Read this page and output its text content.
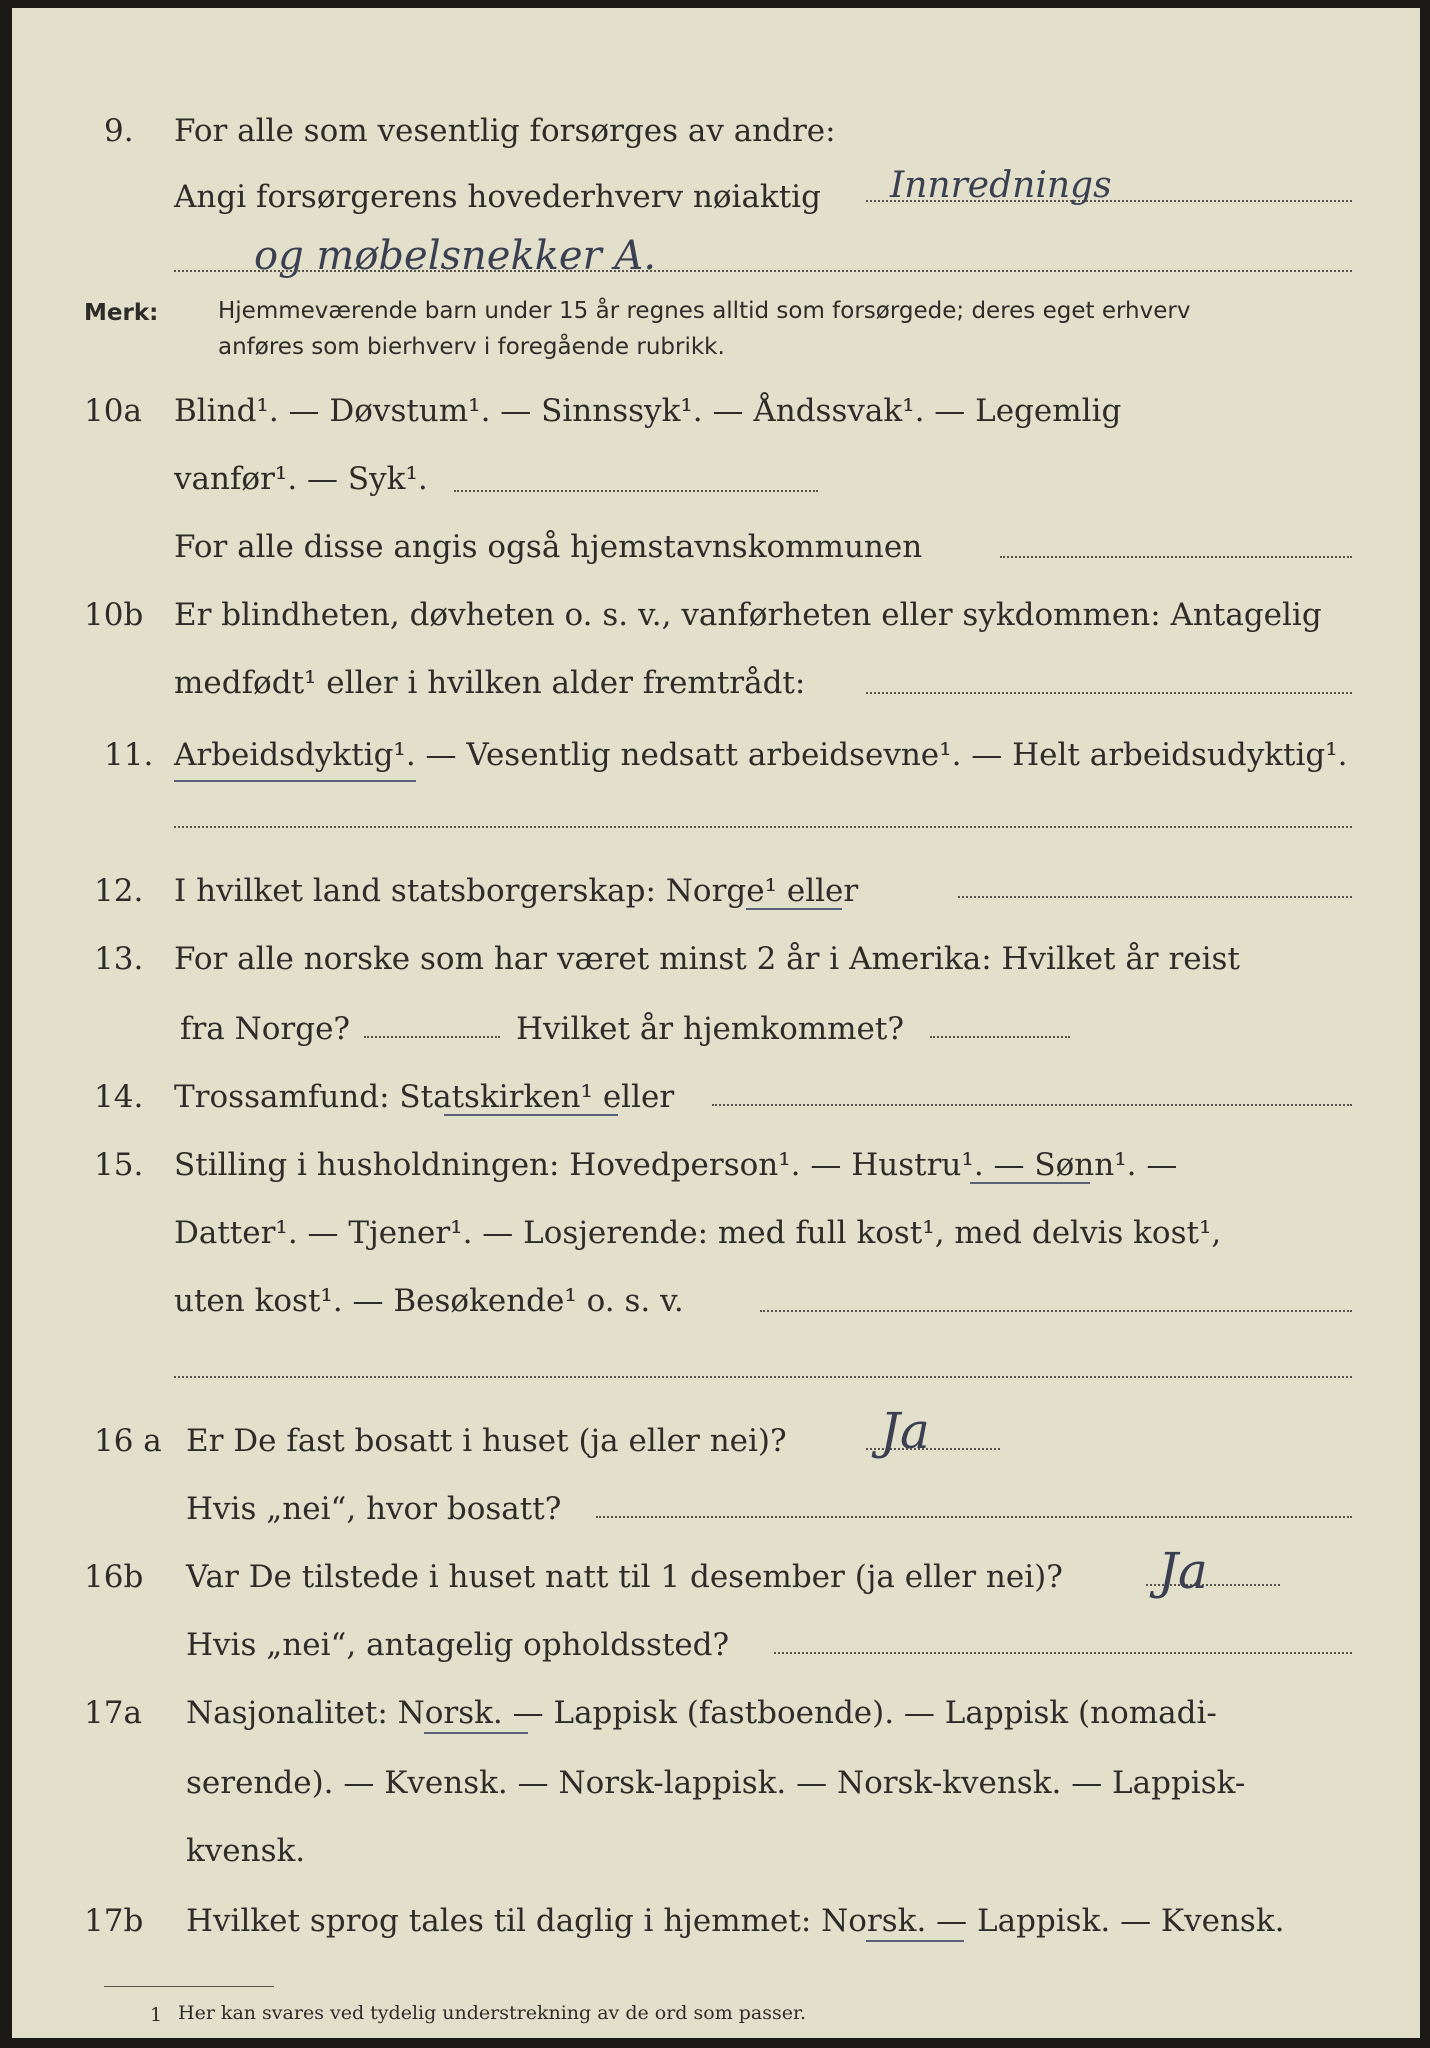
9. For alle som vesentlig forsørges av andre:
Angi forsørgerens hovederhverv nøiaktig Innrednings
og møbelsnekker A.
Merk:	Hjemmeværende barn under 15 år regnes alltid som forsørgede; deres eget erhverv
anføres som bierhverv i foregående rubrikk.
10a Blind¹. — Døvstum¹. — Sinnssyk¹. — Åndssvak¹. — Legemlig
vanfør¹. — Syk¹.
For alle disse angis også hjemstavnskommunen
10b Er blindheten, døvheten o. s. v., vanførheten eller sykdommen: Antagelig
medfødt¹ eller i hvilken alder fremtrådt:
11. Arbeidsdyktig¹. — Vesentlig nedsatt arbeidsevne¹. — Helt arbeidsudyktig¹.
12. I hvilket land statsborgerskap: Norge¹ eller
13. For alle norske som har været minst 2 år i Amerika: Hvilket år reist
fra Norge?	Hvilket år hjemkommet?
14. Trossamfund: Statskirken¹ eller
15. Stilling i husholdningen: Hovedperson¹. — Hustru¹. — Sønn¹. —
Datter¹. — Tjener¹. — Losjerende: med full kost¹, med delvis kost¹,
uten kost¹. — Besøkende¹ o. s. v.
16 a Er De fast bosatt i huset (ja eller nei)? Ja
Hvis „nei“, hvor bosatt?
16b Var De tilstede i huset natt til 1 desember (ja eller nei)? Ja
Hvis „nei“, antagelig opholdssted?
17a Nasjonalitet: Norsk. — Lappisk (fastboende). — Lappisk (nomadi-
serende). — Kvensk. — Norsk-lappisk. — Norsk-kvensk. — Lappisk-
kvensk.
17b Hvilket sprog tales til daglig i hjemmet: Norsk. — Lappisk. — Kvensk.
1 Her kan svares ved tydelig understrekning av de ord som passer.
